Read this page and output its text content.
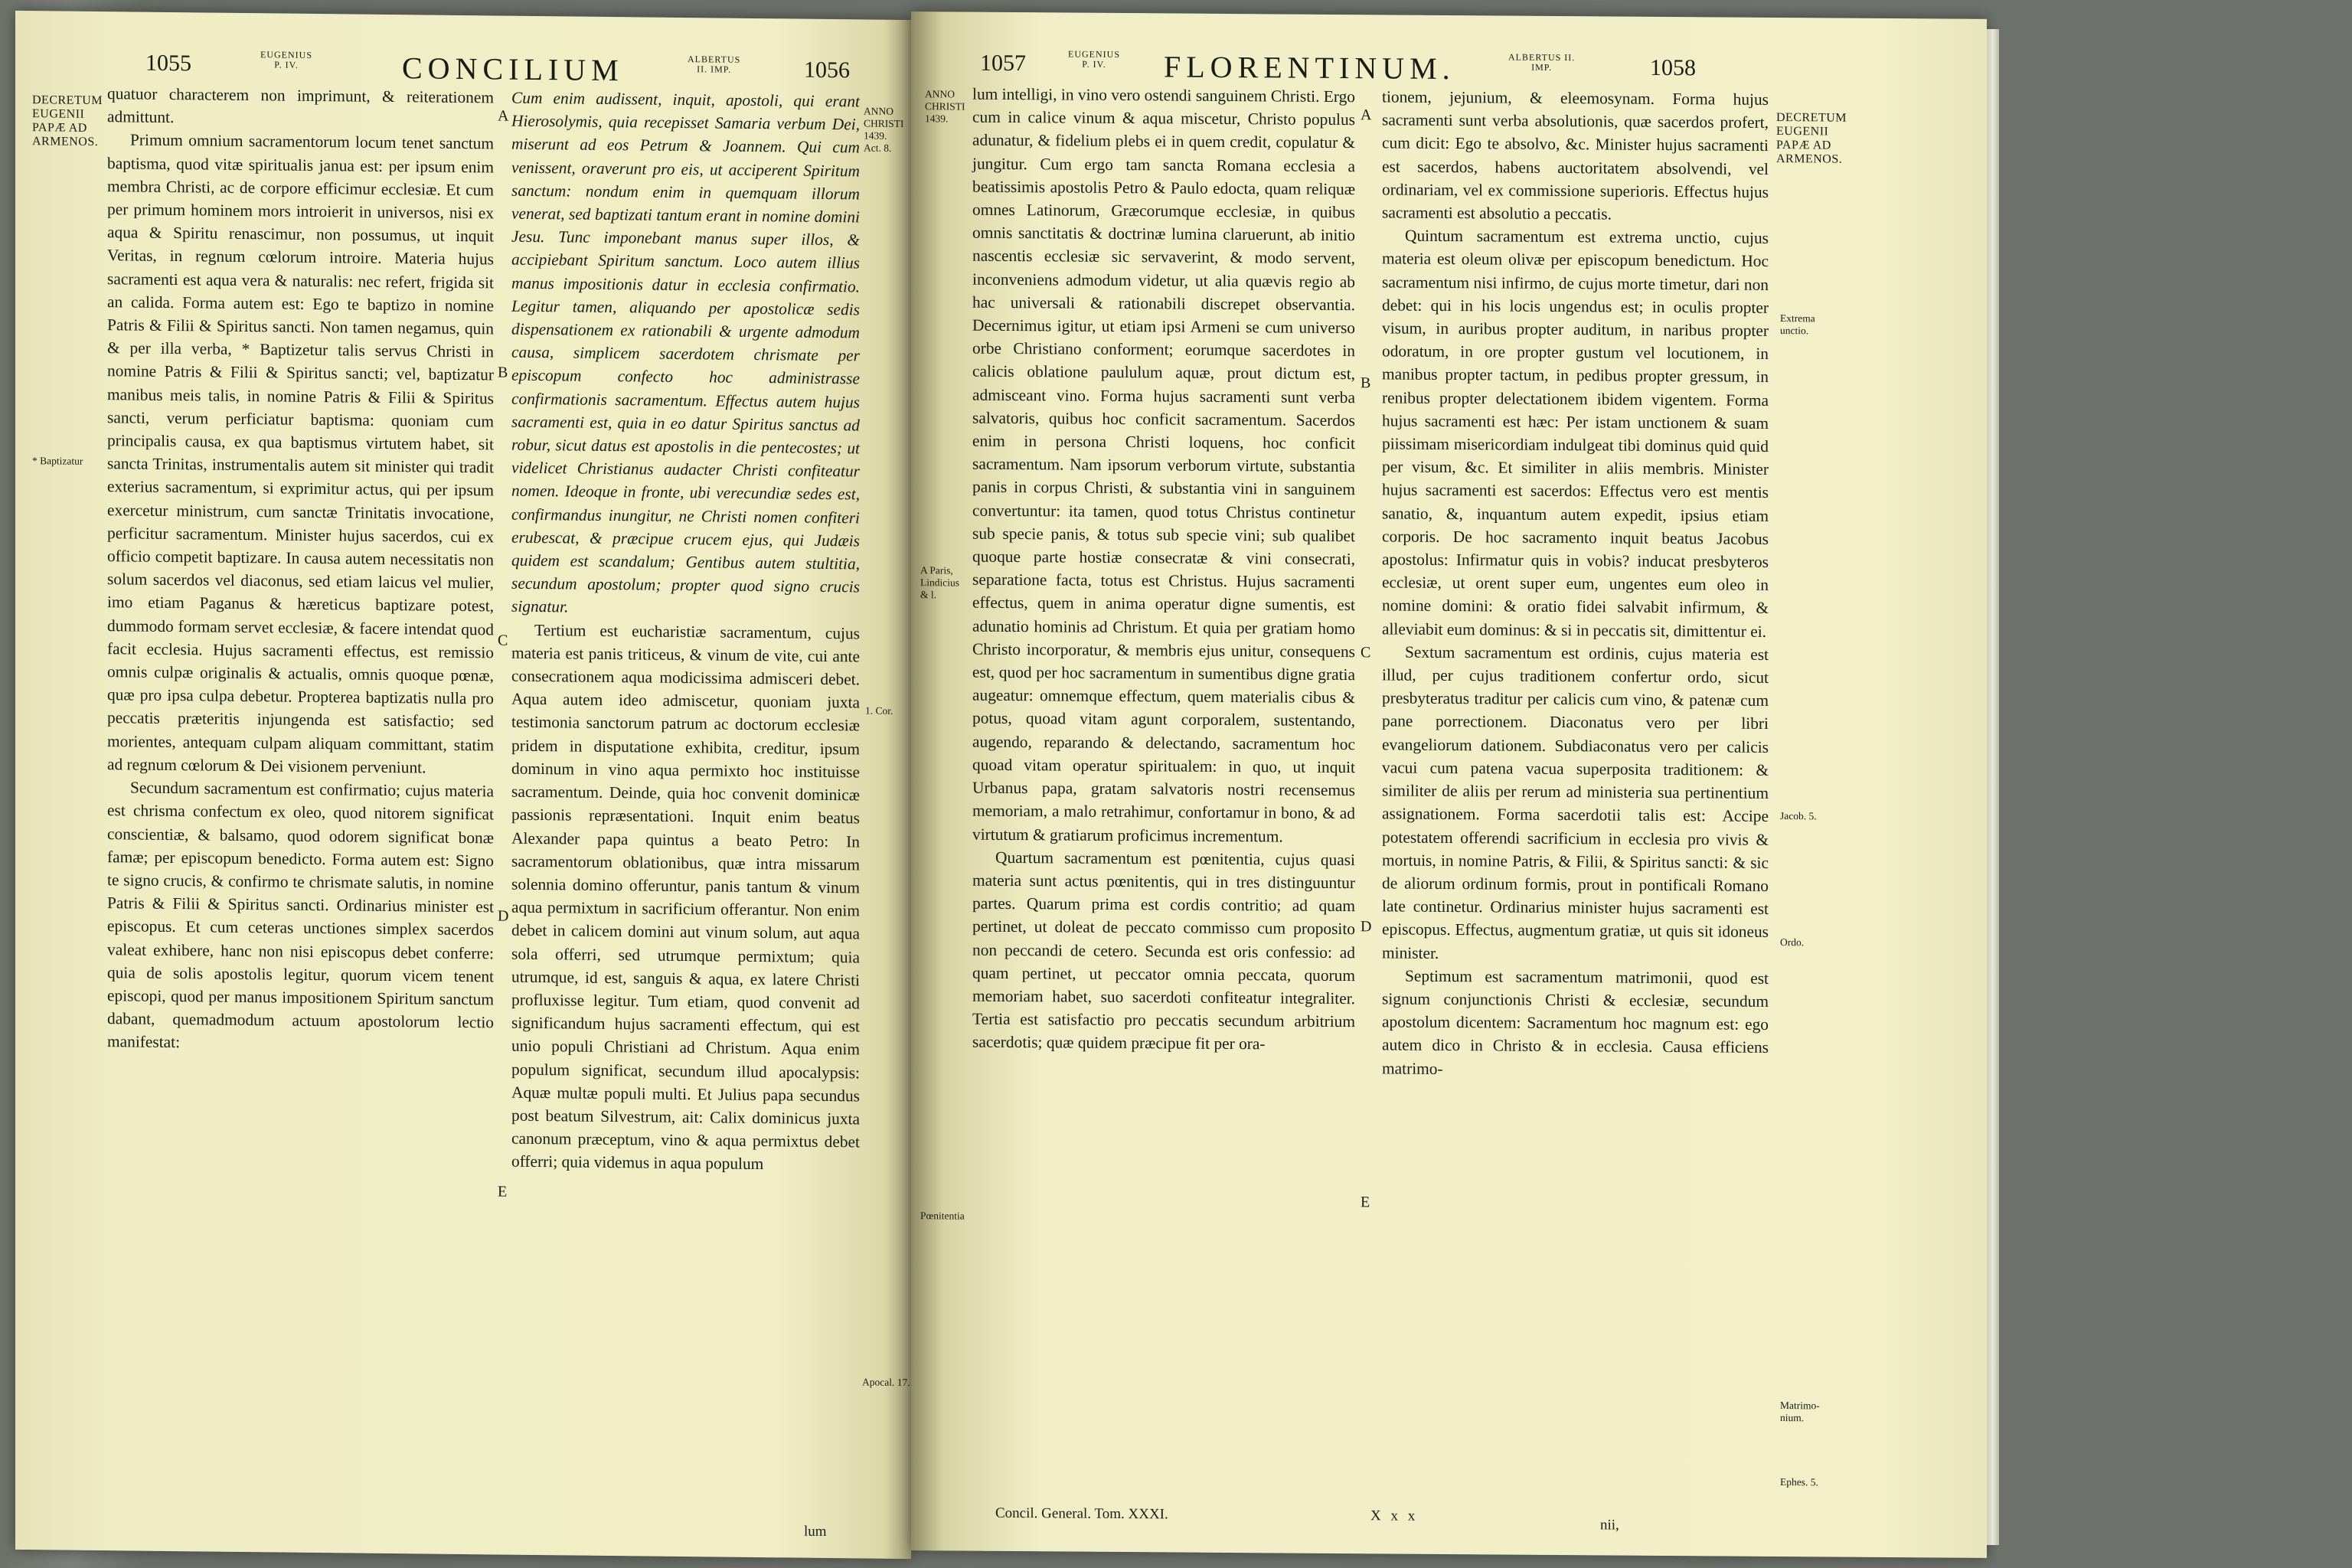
1055	EUGENIUS
P. IV.	CONCILIUM	ALBERTUS
II. IMP.	1056
DECRETUM
EUGENII
PAPÆ AD
ARMENOS.
* Baptizatur
ANNO
CHRISTI
1439.
Act. 8.
1. Cor.
Apocal. 17.
A
B
C
D
E

quatuor characterem non imprimunt, & reiterationem admittunt.

Primum omnium sacramentorum locum tenet sanctum baptisma, quod vitæ spiritualis janua est: per ipsum enim membra Christi, ac de corpore efficimur ecclesiæ. Et cum per primum hominem mors introierit in universos, nisi ex aqua & Spiritu renascimur, non possumus, ut inquit Veritas, in regnum cœlorum introire. Materia hujus sacramenti est aqua vera & naturalis: nec refert, frigida sit an calida. Forma autem est: Ego te baptizo in nomine Patris & Filii & Spiritus sancti. Non tamen negamus, quin & per illa verba, * Baptizetur talis servus Christi in nomine Patris & Filii & Spiritus sancti; vel, baptizatur manibus meis talis, in nomine Patris & Filii & Spiritus sancti, verum perficiatur baptisma: quoniam cum principalis causa, ex qua baptismus virtutem habet, sit sancta Trinitas, instrumentalis autem sit minister qui tradit exterius sacramentum, si exprimitur actus, qui per ipsum exercetur ministrum, cum sanctæ Trinitatis invocatione, perficitur sacramentum. Minister hujus sacerdos, cui ex officio competit baptizare. In causa autem necessitatis non solum sacerdos vel diaconus, sed etiam laicus vel mulier, imo etiam Paganus & hæreticus baptizare potest, dummodo formam servet ecclesiæ, & facere intendat quod facit ecclesia. Hujus sacramenti effectus, est remissio omnis culpæ originalis & actualis, omnis quoque pœnæ, quæ pro ipsa culpa debetur. Propterea baptizatis nulla pro peccatis præteritis injungenda est satisfactio; sed morientes, antequam culpam aliquam committant, statim ad regnum cœlorum & Dei visionem perveniunt.

Secundum sacramentum est confirmatio; cujus materia est chrisma confectum ex oleo, quod nitorem significat conscientiæ, & balsamo, quod odorem significat bonæ famæ; per episcopum benedicto. Forma autem est: Signo te signo crucis, & confirmo te chrismate salutis, in nomine Patris & Filii & Spiritus sancti. Ordinarius minister est episcopus. Et cum ceteras unctiones simplex sacerdos valeat exhibere, hanc non nisi episcopus debet conferre: quia de solis apostolis legitur, quorum vicem tenent episcopi, quod per manus impositionem Spiritum sanctum dabant, quemadmodum actuum apostolorum lectio manifestat:

Cum enim audissent, inquit, apostoli, qui erant Hierosolymis, quia recepisset Samaria verbum Dei, miserunt ad eos Petrum & Joannem. Qui cum venissent, oraverunt pro eis, ut acciperent Spiritum sanctum: nondum enim in quemquam illorum venerat, sed baptizati tantum erant in nomine domini Jesu. Tunc imponebant manus super illos, & accipiebant Spiritum sanctum. Loco autem illius manus impositionis datur in ecclesia confirmatio. Legitur tamen, aliquando per apostolicæ sedis dispensationem ex rationabili & urgente admodum causa, simplicem sacerdotem chrismate per episcopum confecto hoc administrasse confirmationis sacramentum. Effectus autem hujus sacramenti est, quia in eo datur Spiritus sanctus ad robur, sicut datus est apostolis in die pentecostes; ut videlicet Christianus audacter Christi confiteatur nomen. Ideoque in fronte, ubi verecundiæ sedes est, confirmandus inungitur, ne Christi nomen confiteri erubescat, & præcipue crucem ejus, qui Judæis quidem est scandalum; Gentibus autem stultitia, secundum apostolum; propter quod signo crucis signatur.

Tertium est eucharistiæ sacramentum, cujus materia est panis triticeus, & vinum de vite, cui ante consecrationem aqua modicissima admisceri debet. Aqua autem ideo admiscetur, quoniam juxta testimonia sanctorum patrum ac doctorum ecclesiæ pridem in disputatione exhibita, creditur, ipsum dominum in vino aqua permixto hoc instituisse sacramentum. Deinde, quia hoc convenit dominicæ passionis repræsentationi. Inquit enim beatus Alexander papa quintus a beato Petro: In sacramentorum oblationibus, quæ intra missarum solennia domino offeruntur, panis tantum & vinum aqua permixtum in sacrificium offerantur. Non enim debet in calicem domini aut vinum solum, aut aqua sola offerri, sed utrumque permixtum; quia utrumque, id est, sanguis & aqua, ex latere Christi profluxisse legitur. Tum etiam, quod convenit ad significandum hujus sacramenti effectum, qui est unio populi Christiani ad Christum. Aqua enim populum significat, secundum illud apocalypsis: Aquæ multæ populi multi. Et Julius papa secundus post beatum Silvestrum, ait: Calix dominicus juxta canonum præceptum, vino & aqua permixtus debet offerri; quia videmus in aqua populum

lum
1057	EUGENIUS
P. IV.	FLORENTINUM.	ALBERTUS II.
IMP.	1058
ANNO
CHRISTI
1439.
A Paris,
Lindicius
& l.
Pœnitentia
DECRETUM
EUGENII
PAPÆ AD
ARMENOS.
Extrema
unctio.
Jacob. 5.
Ordo.
Matrimo-
nium.
Ephes. 5.
A
B
C
D
E

lum intelligi, in vino vero ostendi sanguinem Christi. Ergo cum in calice vinum & aqua miscetur, Christo populus adunatur, & fidelium plebs ei in quem credit, copulatur & jungitur. Cum ergo tam sancta Romana ecclesia a beatissimis apostolis Petro & Paulo edocta, quam reliquæ omnes Latinorum, Græcorumque ecclesiæ, in quibus omnis sanctitatis & doctrinæ lumina claruerunt, ab initio nascentis ecclesiæ sic servaverint, & modo servent, inconveniens admodum videtur, ut alia quævis regio ab hac universali & rationabili discrepet observantia. Decernimus igitur, ut etiam ipsi Armeni se cum universo orbe Christiano conforment; eorumque sacerdotes in calicis oblatione paululum aquæ, prout dictum est, admisceant vino. Forma hujus sacramenti sunt verba salvatoris, quibus hoc conficit sacramentum. Sacerdos enim in persona Christi loquens, hoc conficit sacramentum. Nam ipsorum verborum virtute, substantia panis in corpus Christi, & substantia vini in sanguinem convertuntur: ita tamen, quod totus Christus continetur sub specie panis, & totus sub specie vini; sub qualibet quoque parte hostiæ consecratæ & vini consecrati, separatione facta, totus est Christus. Hujus sacramenti effectus, quem in anima operatur digne sumentis, est adunatio hominis ad Christum. Et quia per gratiam homo Christo incorporatur, & membris ejus unitur, consequens est, quod per hoc sacramentum in sumentibus digne gratia augeatur: omnemque effectum, quem materialis cibus & potus, quoad vitam agunt corporalem, sustentando, augendo, reparando & delectando, sacramentum hoc quoad vitam operatur spiritualem: in quo, ut inquit Urbanus papa, gratam salvatoris nostri recensemus memoriam, a malo retrahimur, confortamur in bono, & ad virtutum & gratiarum proficimus incrementum.

Quartum sacramentum est pœnitentia, cujus quasi materia sunt actus pœnitentis, qui in tres distinguuntur partes. Quarum prima est cordis contritio; ad quam pertinet, ut doleat de peccato commisso cum proposito non peccandi de cetero. Secunda est oris confessio: ad quam pertinet, ut peccator omnia peccata, quorum memoriam habet, suo sacerdoti confiteatur integraliter. Tertia est satisfactio pro peccatis secundum arbitrium sacerdotis; quæ quidem præcipue fit per ora-

tionem, jejunium, & eleemosynam. Forma hujus sacramenti sunt verba absolutionis, quæ sacerdos profert, cum dicit: Ego te absolvo, &c. Minister hujus sacramenti est sacerdos, habens auctoritatem absolvendi, vel ordinariam, vel ex commissione superioris. Effectus hujus sacramenti est absolutio a peccatis.

Quintum sacramentum est extrema unctio, cujus materia est oleum olivæ per episcopum benedictum. Hoc sacramentum nisi infirmo, de cujus morte timetur, dari non debet: qui in his locis ungendus est; in oculis propter visum, in auribus propter auditum, in naribus propter odoratum, in ore propter gustum vel locutionem, in manibus propter tactum, in pedibus propter gressum, in renibus propter delectationem ibidem vigentem. Forma hujus sacramenti est hæc: Per istam unctionem & suam piissimam misericordiam indulgeat tibi dominus quid quid per visum, &c. Et similiter in aliis membris. Minister hujus sacramenti est sacerdos: Effectus vero est mentis sanatio, &, inquantum autem expedit, ipsius etiam corporis. De hoc sacramento inquit beatus Jacobus apostolus: Infirmatur quis in vobis? inducat presbyteros ecclesiæ, ut orent super eum, ungentes eum oleo in nomine domini: & oratio fidei salvabit infirmum, & alleviabit eum dominus: & si in peccatis sit, dimittentur ei.

Sextum sacramentum est ordinis, cujus materia est illud, per cujus traditionem confertur ordo, sicut presbyteratus traditur per calicis cum vino, & patenæ cum pane porrectionem. Diaconatus vero per libri evangeliorum dationem. Subdiaconatus vero per calicis vacui cum patena vacua superposita traditionem: & similiter de aliis per rerum ad ministeria sua pertinentium assignationem. Forma sacerdotii talis est: Accipe potestatem offerendi sacrificium in ecclesia pro vivis & mortuis, in nomine Patris, & Filii, & Spiritus sancti: & sic de aliorum ordinum formis, prout in pontificali Romano late continetur. Ordinarius minister hujus sacramenti est episcopus. Effectus, augmentum gratiæ, ut quis sit idoneus minister.

Septimum est sacramentum matrimonii, quod est signum conjunctionis Christi & ecclesiæ, secundum apostolum dicentem: Sacramentum hoc magnum est: ego autem dico in Christo & in ecclesia. Causa efficiens matrimo-

Concil. General. Tom. XXXI.	X x x
nii,
